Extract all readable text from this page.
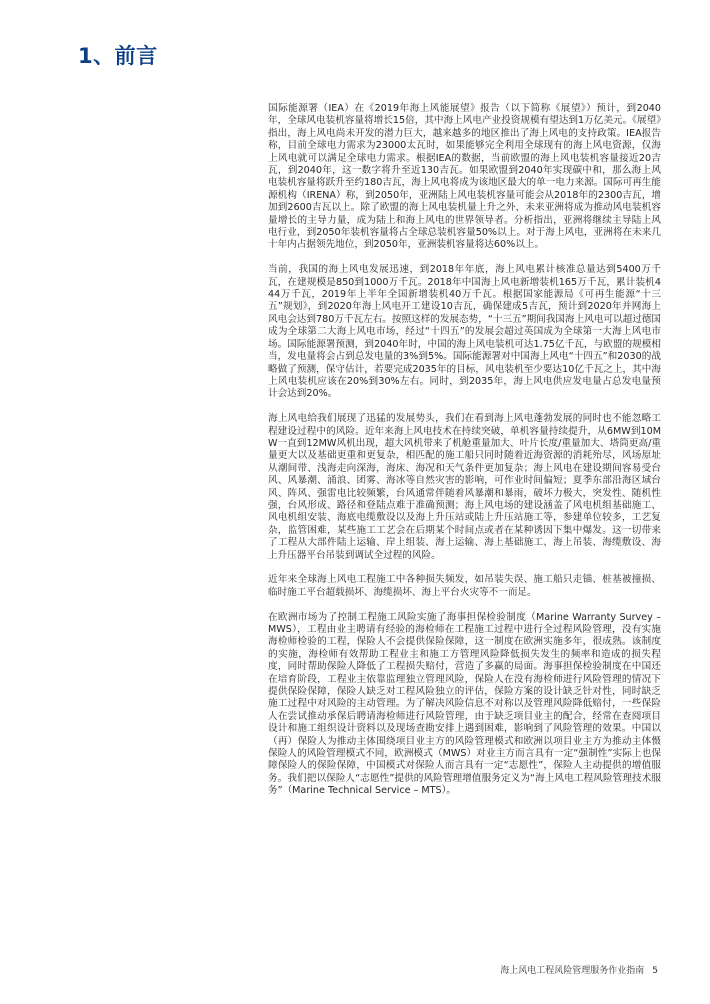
1、前言

国际能源署（IEA）在《2019年海上风能展望》报告（以下简称《展望》）预计，到2040年，全球风电装机容量将增长15倍，其中海上风电产业投资规模有望达到1万亿美元。《展望》指出，海上风电尚未开发的潜力巨大，越来越多的地区推出了海上风电的支持政策。IEA报告称，目前全球电力需求为23000太瓦时，如果能够完全利用全球现有的海上风电资源，仅海上风电就可以满足全球电力需求。根据IEA的数据，当前欧盟的海上风电装机容量接近20吉瓦，到2040年，这一数字将升至近130吉瓦。如果欧盟到2040年实现碳中和，那么海上风电装机容量将跃升至约180吉瓦，海上风电将成为该地区最大的单一电力来源。国际可再生能源机构（IRENA）称，到2050年，亚洲陆上风电装机容量可能会从2018年的2300吉瓦，增加到2600吉瓦以上。除了欧盟的海上风电装机量上升之外，未来亚洲将成为推动风电装机容量增长的主导力量，成为陆上和海上风电的世界领导者。分析指出，亚洲将继续主导陆上风电行业，到2050年装机容量将占全球总装机容量50%以上。对于海上风电，亚洲将在未来几十年内占据领先地位，到2050年，亚洲装机容量将达60%以上。

当前，我国的海上风电发展迅速，到2018年年底，海上风电累计核准总量达到5400万千瓦，在建规模是850到1000万千瓦。2018年中国海上风电新增装机165万千瓦，累计装机444万千瓦，2019年上半年全国新增装机40万千瓦。根据国家能源局《可再生能源“十三五”规划》，到2020年海上风电开工建设10吉瓦，确保建成5吉瓦，预计到2020年并网海上风电会达到780万千瓦左右。按照这样的发展态势，“十三五”期间我国海上风电可以超过德国成为全球第二大海上风电市场，经过“十四五”的发展会超过英国成为全球第一大海上风电市场。国际能源署预测，到2040年时，中国的海上风电装机可达1.75亿千瓦，与欧盟的规模相当，发电量将会占到总发电量的3%到5%。国际能源署对中国海上风电“十四五”和2030的战略做了预测，保守估计，若要完成2035年的目标，风电装机至少要达10亿千瓦之上，其中海上风电装机应该在20%到30%左右。同时，到2035年，海上风电供应发电量占总发电量预计会达到20%。

海上风电给我们展现了迅猛的发展势头，我们在看到海上风电蓬勃发展的同时也不能忽略工程建设过程中的风险。近年来海上风电技术在持续突破，单机容量持续提升，从6MW到10MW一直到12MW风机出现，超大风机带来了机舱重量加大、叶片长度/重量加大、塔筒更高/重量更大以及基础更重和更复杂，相匹配的施工船只同时随着近海资源的消耗殆尽，风场原址从潮间带、浅海走向深海，海床、海况和天气条件更加复杂；海上风电在建设期间容易受台风、风暴潮、涌浪、团雾、海冰等自然灾害的影响，可作业时间偏短；夏季东部沿海区域台风、阵风、强雷电比较频繁，台风通常伴随着风暴潮和暴雨，破坏力极大，突发性、随机性强，台风形成、路径和登陆点难于准确预测；海上风电场的建设涵盖了风电机组基础施工、风电机组安装、海底电缆敷设以及海上升压站或陆上升压站施工等，参建单位较多，工艺复杂，监管困难，某些施工工艺会在后期某个时间点或者在某种诱因下集中爆发。这一切带来了工程从大部件陆上运输、岸上组装、海上运输、海上基础施工、海上吊装、海缆敷设、海上升压器平台吊装到调试全过程的风险。

近年来全球海上风电工程施工中各种损失频发，如吊装失误、施工船只走锚、桩基被撞损、临时施工平台超载损坏、海缆损坏、海上平台火灾等不一而足。

在欧洲市场为了控制工程施工风险实施了海事担保检验制度（Marine Warranty Survey – MWS），工程由业主聘请有经验的海检师在工程施工过程中进行全过程风险管理，没有实施海检师检验的工程，保险人不会提供保险保障，这一制度在欧洲实施多年，很成熟。该制度的实施，海检师有效帮助工程业主和施工方管理风险降低损失发生的频率和造成的损失程度，同时帮助保险人降低了工程损失赔付，营造了多赢的局面。海事担保检验制度在中国还在培育阶段，工程业主依靠监理独立管理风险，保险人在没有海检师进行风险管理的情况下提供保险保障，保险人缺乏对工程风险独立的评估，保险方案的设计缺乏针对性，同时缺乏施工过程中对风险的主动管理。为了解决风险信息不对称以及管理风险降低赔付，一些保险人在尝试推动承保后聘请海检师进行风险管理，由于缺乏项目业主的配合，经常在查阅项目设计和施工组织设计资料以及现场查勘安排上遇到困难，影响到了风险管理的效果。中国以（再）保险人为推动主体围绕项目业主方的风险管理模式和欧洲以项目业主方为推动主体慑保险人的风险管理模式不同，欧洲模式（MWS）对业主方而言具有一定“强制性”实际上也保障保险人的保险保障，中国模式对保险人而言具有一定“志愿性”，保险人主动提供的增值服务。我们把以保险人“志愿性”提供的风险管理增值服务定义为“海上风电工程风险管理技术服务”（Marine Technical Service – MTS）。

海上风电工程风险管理服务作业指南 5
